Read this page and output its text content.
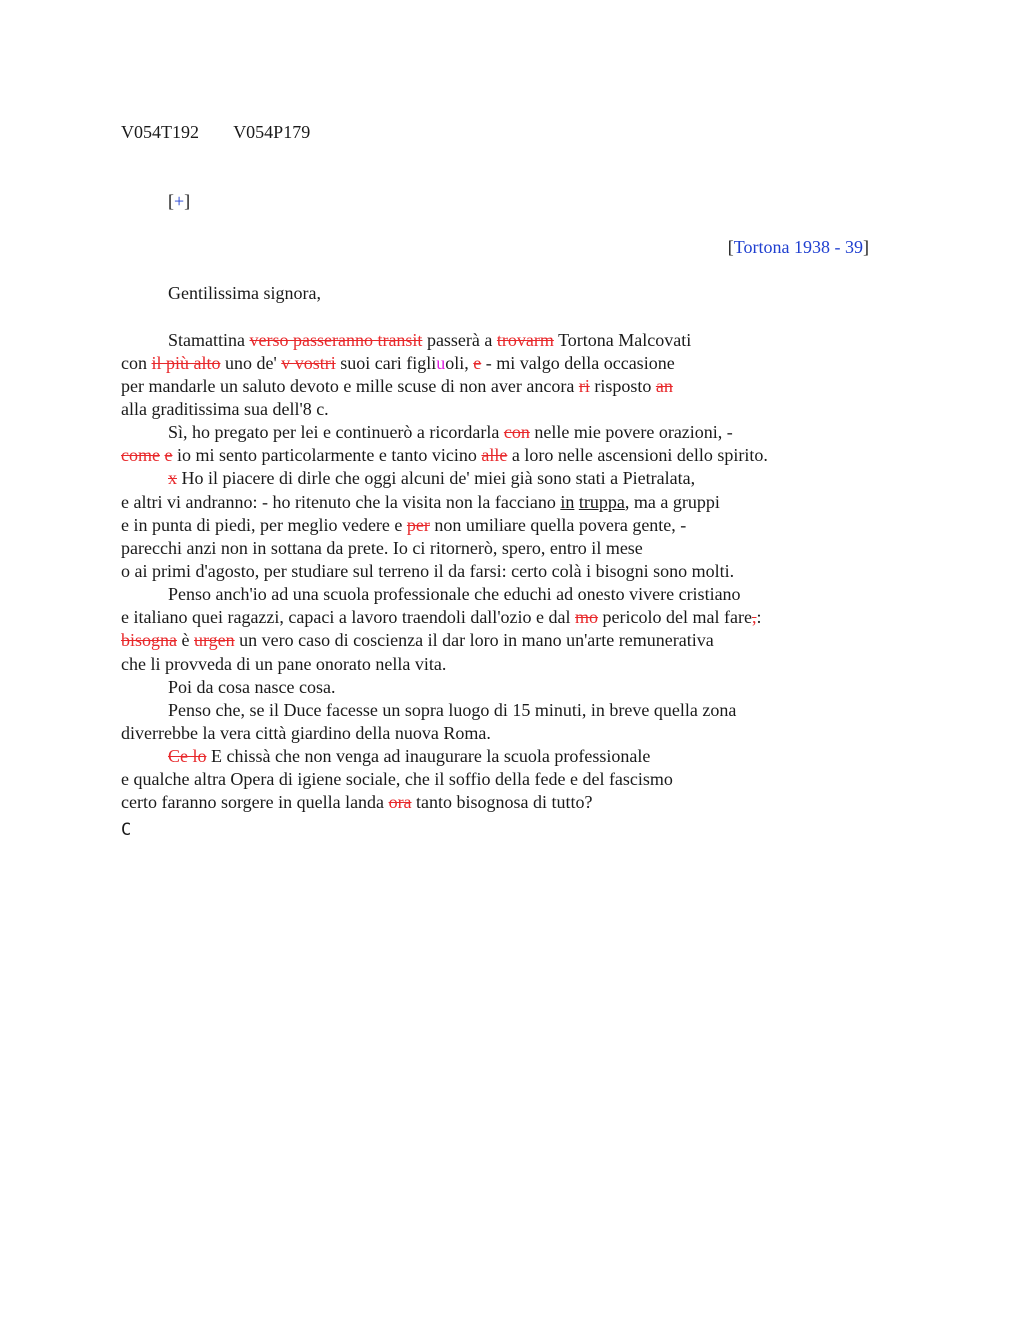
V054T192 V054P179
[+]
[Tortona 1938 - 39]
Gentilissima signora,
Stamattina verso passeranno transit passerà a trovarm Tortona Malcovati
con il più alto uno de' v vostri suoi cari figliuoli, e - mi valgo della occasione
per mandarle un saluto devoto e mille scuse di non aver ancora ri risposto an
alla graditissima sua dell'8 c.
Sì, ho pregato per lei e continuerò a ricordarla con nelle mie povere orazioni, -
come e io mi sento particolarmente e tanto vicino alle a loro nelle ascensioni dello spirito.
x Ho il piacere di dirle che oggi alcuni de' miei già sono stati a Pietralata,
e altri vi andranno: - ho ritenuto che la visita non la facciano in truppa, ma a gruppi
e in punta di piedi, per meglio vedere e per non umiliare quella povera gente, -
parecchi anzi non in sottana da prete. Io ci ritornerò, spero, entro il mese
o ai primi d'agosto, per studiare sul terreno il da farsi: certo colà i bisogni sono molti.
Penso anch'io ad una scuola professionale che educhi ad onesto vivere cristiano
e italiano quei ragazzi, capaci a lavoro traendoli dall'ozio e dal mo pericolo del mal fare,:
bisogna è urgen un vero caso di coscienza il dar loro in mano un'arte remunerativa
che li provveda di un pane onorato nella vita.
Poi da cosa nasce cosa.
Penso che, se il Duce facesse un sopra luogo di 15 minuti, in breve quella zona
diverrebbe la vera città giardino della nuova Roma.
Ce lo E chissà che non venga ad inaugurare la scuola professionale
e qualche altra Opera di igiene sociale, che il soffio della fede e del fascismo
certo faranno sorgere in quella landa ora tanto bisognosa di tutto?
C
